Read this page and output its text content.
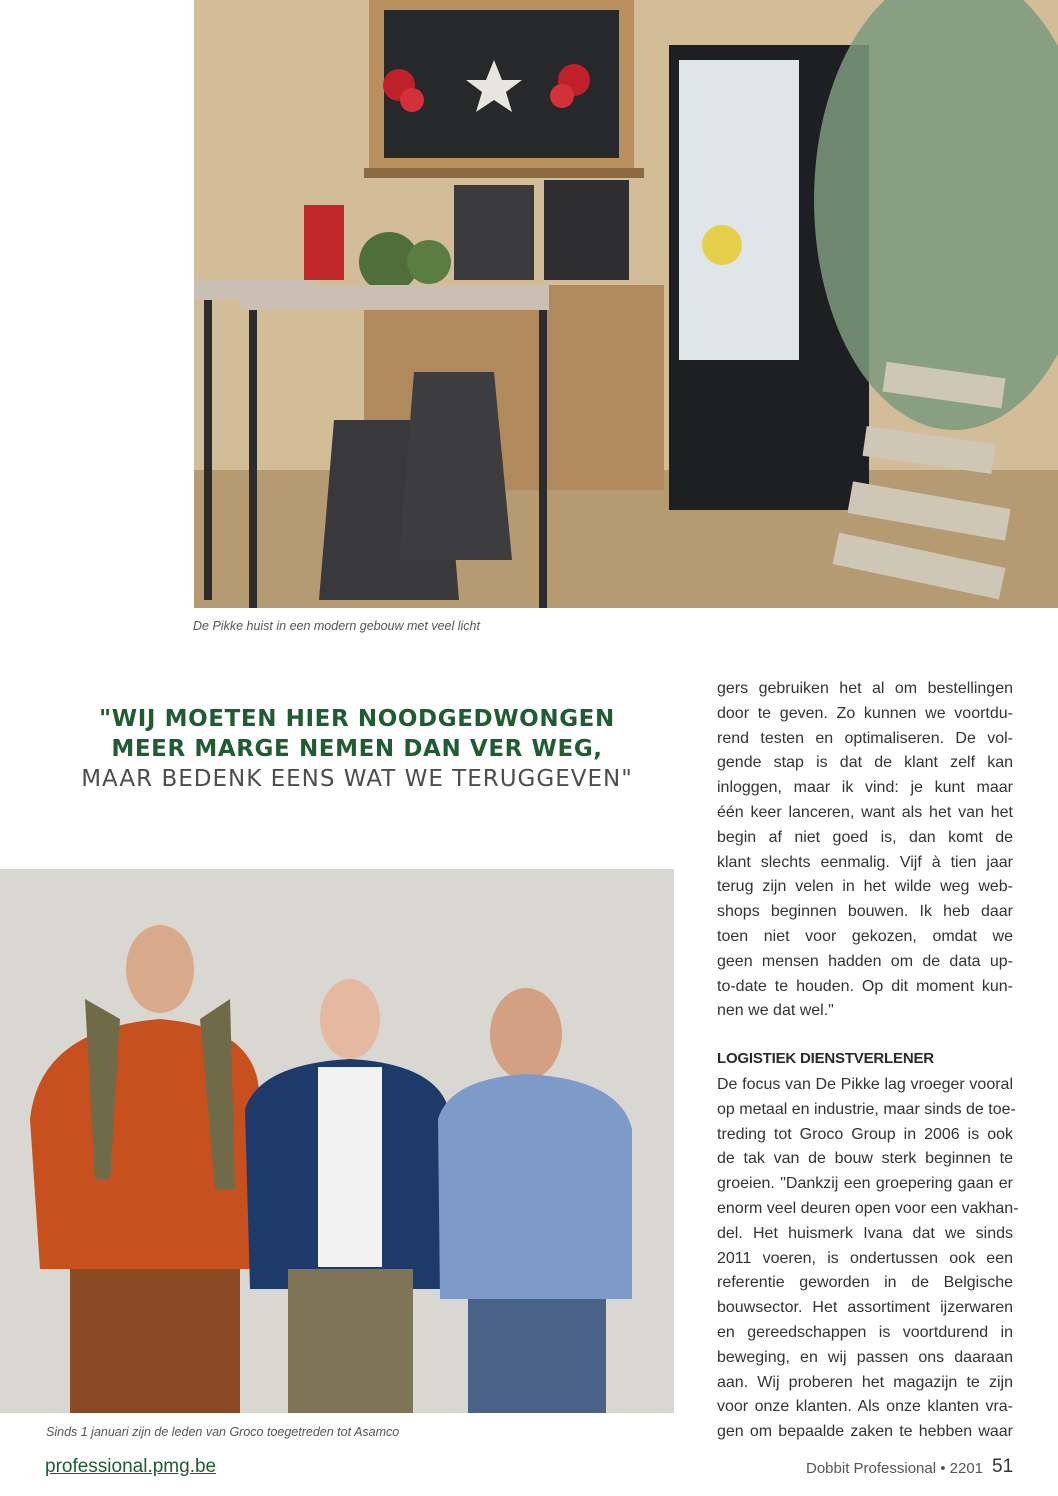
De Pikke huist in een modern gebouw met veel licht
"WIJ MOETEN HIER NOODGEDWONGEN
MEER MARGE NEMEN DAN VER WEG,
MAAR BEDENK EENS WAT WE TERUGGEVEN"
Sinds 1 januari zijn de leden van Groco toegetreden tot Asamco

gers gebruiken het al om bestellingen
door te geven. Zo kunnen we voortdu-
rend testen en optimaliseren. De vol-
gende stap is dat de klant zelf kan
inloggen, maar ik vind: je kunt maar
één keer lanceren, want als het van het
begin af niet goed is, dan komt de
klant slechts eenmalig. Vijf à tien jaar
terug zijn velen in het wilde weg web-
shops beginnen bouwen. Ik heb daar
toen niet voor gekozen, omdat we
geen mensen hadden om de data up-
to-date te houden. Op dit moment kun-
nen we dat wel."

LOGISTIEK DIENSTVERLENER

De focus van De Pikke lag vroeger vooral
op metaal en industrie, maar sinds de toe-
treding tot Groco Group in 2006 is ook
de tak van de bouw sterk beginnen te
groeien. "Dankzij een groepering gaan er
enorm veel deuren open voor een vakhan-
del. Het huismerk Ivana dat we sinds
2011 voeren, is ondertussen ook een
referentie geworden in de Belgische
bouwsector. Het assortiment ijzerwaren
en gereedschappen is voortdurend in
beweging, en wij passen ons daaraan
aan. Wij proberen het magazijn te zijn
voor onze klanten. Als onze klanten vra-
gen om bepaalde zaken te hebben waar

professional.pmg.be	Dobbit Professional • 2201 51
